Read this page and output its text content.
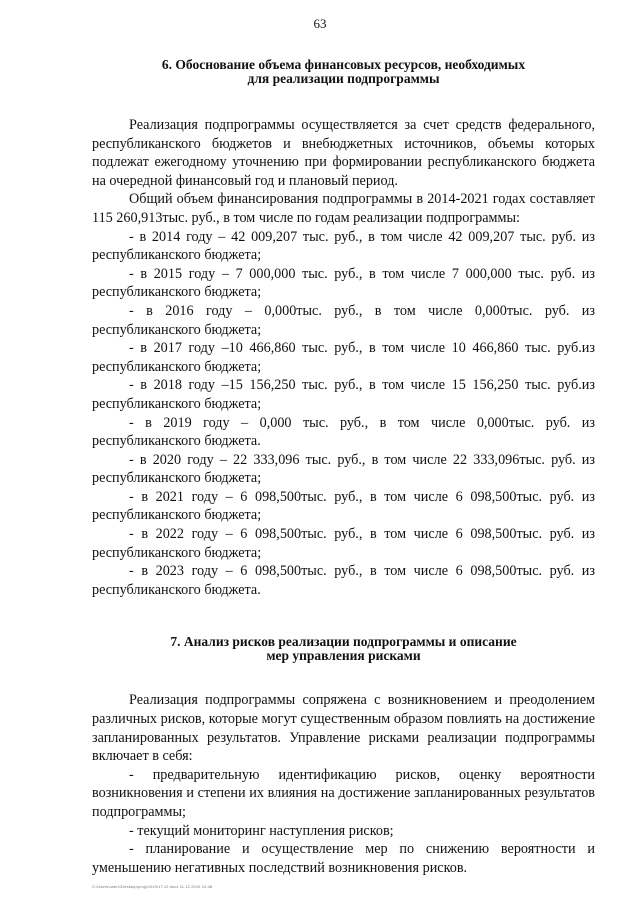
63
6. Обоснование объема финансовых ресурсов, необходимых
для реализации подпрограммы

Реализация подпрограммы осуществляется за счет средств федерального, республиканского бюджетов и внебюджетных источников, объемы которых подлежат ежегодному уточнению при формировании республиканского бюджета на очередной финансовый год и плановый период.

Общий объем финансирования подпрограммы в 2014-2021 годах составляет 115 260,913тыс. руб., в том числе по годам реализации подпрограммы:

- в 2014 году – 42 009,207 тыс. руб., в том числе 42 009,207 тыс. руб. из республиканского бюджета;

- в 2015 году – 7 000,000 тыс. руб., в том числе 7 000,000 тыс. руб. из республиканского бюджета;

- в 2016 году – 0,000тыс. руб., в том числе 0,000тыс. руб. из республиканского бюджета;

- в 2017 году –10 466,860 тыс. руб., в том числе 10 466,860 тыс. руб.из республиканского бюджета;

- в 2018 году –15 156,250 тыс. руб., в том числе 15 156,250 тыс. руб.из республиканского бюджета;

- в 2019 году – 0,000 тыс. руб., в том числе 0,000тыс. руб. из республиканского бюджета.

- в 2020 году – 22 333,096 тыс. руб., в том числе 22 333,096тыс. руб. из республиканского бюджета;

- в 2021 году – 6 098,500тыс. руб., в том числе 6 098,500тыс. руб. из республиканского бюджета;

- в 2022 году – 6 098,500тыс. руб., в том числе 6 098,500тыс. руб. из республиканского бюджета;

- в 2023 году – 6 098,500тыс. руб., в том числе 6 098,500тыс. руб. из республиканского бюджета.

7. Анализ рисков реализации подпрограммы и описание
мер управления рисками

Реализация подпрограммы сопряжена с возникновением и преодолением различных рисков, которые могут существенным образом повлиять на достижение запланированных результатов. Управление рисками реализации подпрограммы включает в себя:

- предварительную идентификацию рисков, оценку вероятности возникновения и степени их влияния на достижение запланированных результатов подпрограммы;

- текущий мониторинг наступления рисков;

- планирование и осуществление мер по снижению вероятности и уменьшению негативных последствий возникновения рисков.

С:\Users\user1\Desktop\prog\2019\17.12.docx 11.12.2019 12:48
